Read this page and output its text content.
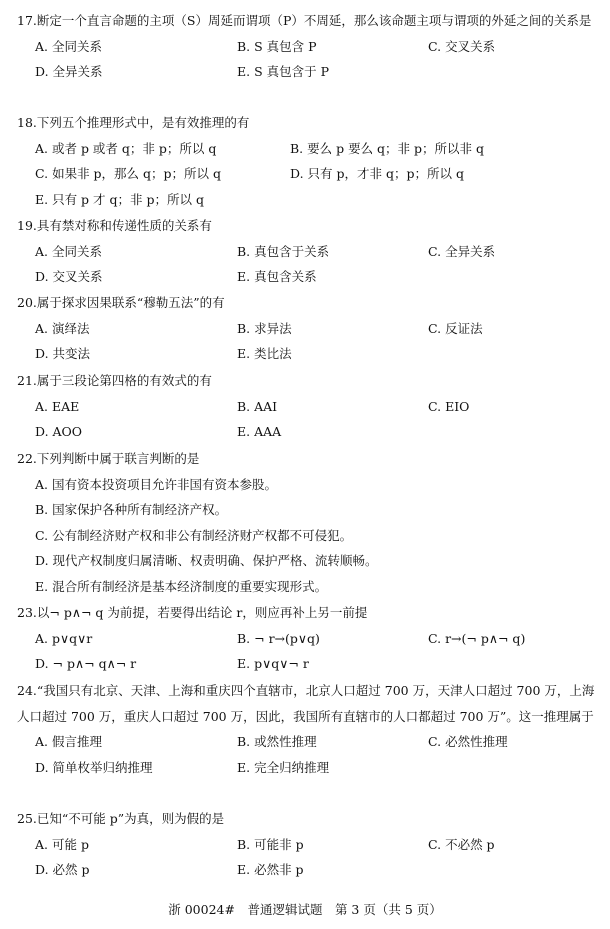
17.断定一个直言命题的主项（S）周延而谓项（P）不周延，那么该命题主项与谓项的外延之间的关系是
A. 全同关系	B. S 真包含 P	C. 交叉关系
D. 全异关系	E. S 真包含于 P
18.下列五个推理形式中，是有效推理的有
A. 或者 p 或者 q；非 p；所以 q	B. 要么 p 要么 q；非 p；所以非 q
C. 如果非 p，那么 q；p；所以 q	D. 只有 p，才非 q；p；所以 q
E. 只有 p 才 q；非 p；所以 q
19.具有禁对称和传递性质的关系有
A. 全同关系	B. 真包含于关系	C. 全异关系
D. 交叉关系	E. 真包含关系
20.属于探求因果联系“穆勒五法”的有
A. 演绎法	B. 求异法	C. 反证法
D. 共变法	E. 类比法
21.属于三段论第四格的有效式的有
A. EAE	B. AAI	C. EIO
D. AOO	E. AAA
22.下列判断中属于联言判断的是
A. 国有资本投资项目允许非国有资本参股。
B. 国家保护各种所有制经济产权。
C. 公有制经济财产权和非公有制经济财产权都不可侵犯。
D. 现代产权制度归属清晰、权责明确、保护严格、流转顺畅。
E. 混合所有制经济是基本经济制度的重要实现形式。
23.以¬ p∧¬ q 为前提，若要得出结论 r，则应再补上另一前提
A. p∨q∨r	B. ¬ r→(p∨q)	C. r→(¬ p∧¬ q)
D. ¬ p∧¬ q∧¬ r	E. p∨q∨¬ r
24.“我国只有北京、天津、上海和重庆四个直辖市，北京人口超过 700 万，天津人口超过 700 万，上海人口超过 700 万，重庆人口超过 700 万，因此，我国所有直辖市的人口都超过 700 万”。这一推理属于
A. 假言推理	B. 或然性推理	C. 必然性推理
D. 简单枚举归纳推理	E. 完全归纳推理
25.已知“不可能 p”为真，则为假的是
A. 可能 p	B. 可能非 p	C. 不必然 p
D. 必然 p	E. 必然非 p
浙 00024#　普通逻辑试题　第 3 页（共 5 页）
